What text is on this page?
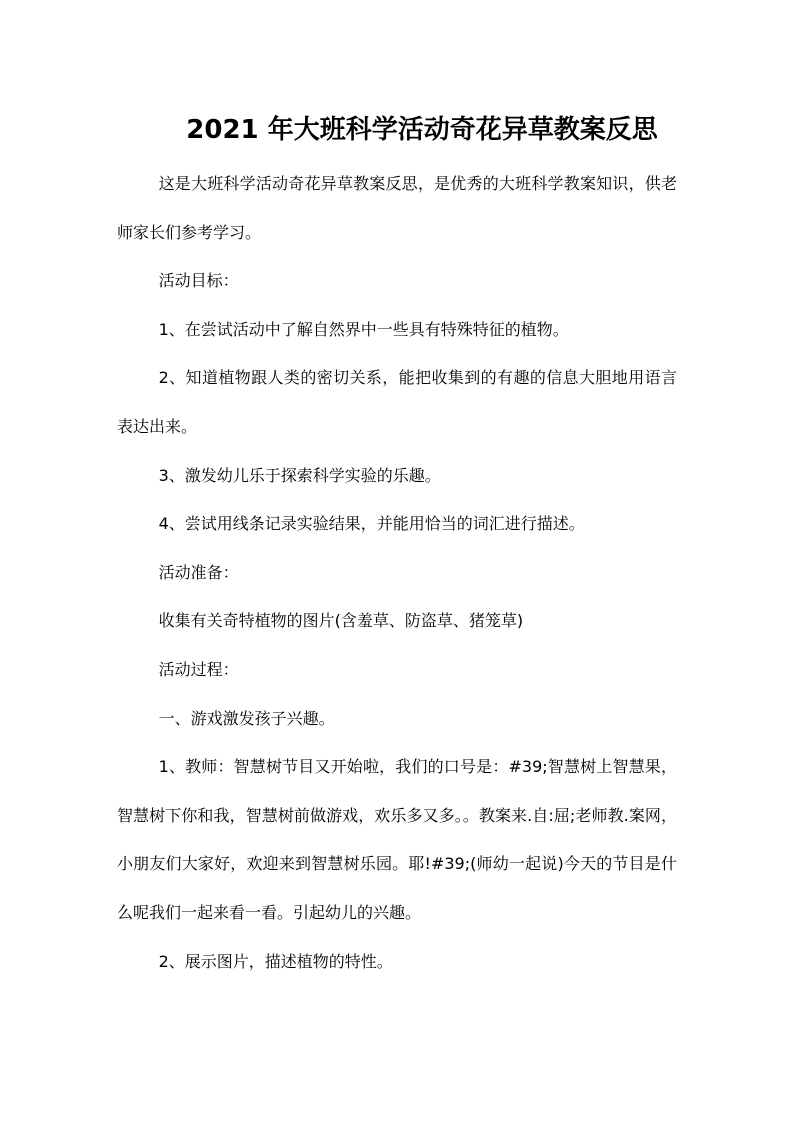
2021 年大班科学活动奇花异草教案反思

这是大班科学活动奇花异草教案反思，是优秀的大班科学教案知识，供老师家长们参考学习。

活动目标：

1、在尝试活动中了解自然界中一些具有特殊特征的植物。

2、知道植物跟人类的密切关系，能把收集到的有趣的信息大胆地用语言表达出来。

3、激发幼儿乐于探索科学实验的乐趣。

4、尝试用线条记录实验结果，并能用恰当的词汇进行描述。

活动准备：

收集有关奇特植物的图片(含羞草、防盗草、猪笼草)

活动过程：

一、游戏激发孩子兴趣。

1、教师：智慧树节目又开始啦，我们的口号是：#39;智慧树上智慧果，智慧树下你和我，智慧树前做游戏，欢乐多又多。。教案来.自:屈;老师教.案网，小朋友们大家好，欢迎来到智慧树乐园。耶!#39;(师幼一起说)今天的节目是什么呢我们一起来看一看。引起幼儿的兴趣。

2、展示图片，描述植物的特性。
